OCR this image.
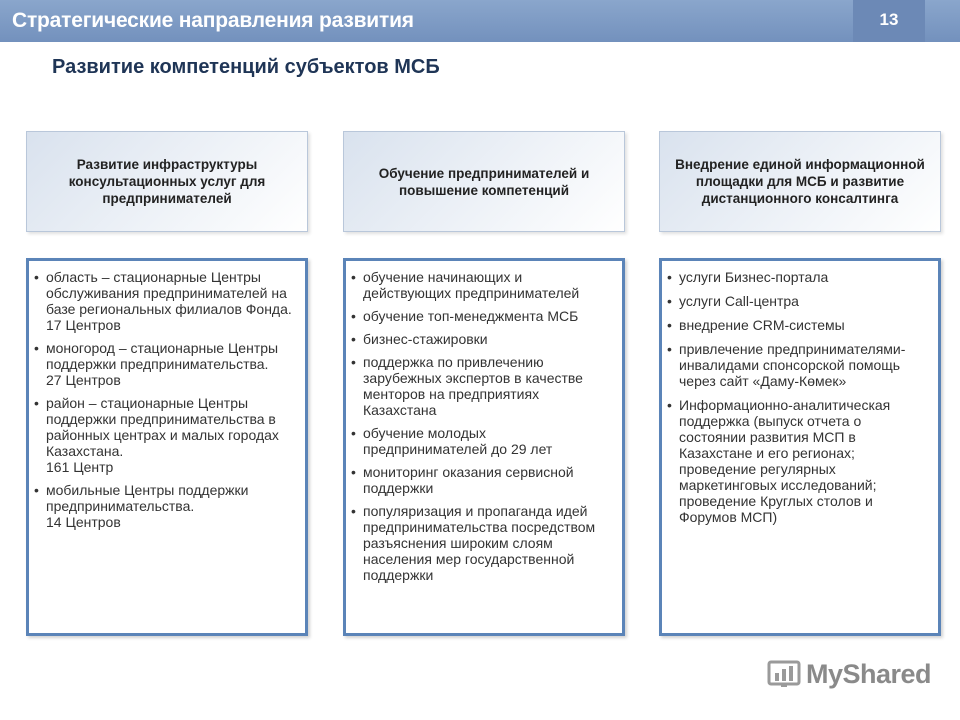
Стратегические направления развития	13
Развитие компетенций субъектов МСБ
Развитие инфраструктуры консультационных услуг для предпринимателей
• область – стационарные Центры обслуживания предпринимателей на базе региональных филиалов Фонда.
17 Центров
• моногород – стационарные Центры поддержки предпринимательства.
27 Центров
• район – стационарные Центры поддержки предпринимательства в районных центрах и малых городах Казахстана.
161 Центр
• мобильные Центры поддержки предпринимательства.
14 Центров
Обучение предпринимателей и повышение компетенций
• обучение начинающих и действующих предпринимателей
• обучение топ-менеджмента МСБ
• бизнес-стажировки
• поддержка по привлечению зарубежных экспертов в качестве менторов на предприятиях Казахстана
• обучение молодых предпринимателей до 29 лет
• мониторинг оказания сервисной поддержки
• популяризация и пропаганда идей предпринимательства посредством разъяснения широким слоям населения мер государственной поддержки
Внедрение единой информационной площадки для МСБ и развитие дистанционного консалтинга
• услуги Бизнес-портала
• услуги Call-центра
• внедрение CRM-системы
• привлечение предпринимателями-инвалидами спонсорской помощь через сайт «Даму-Көмек»
• Информационно-аналитическая поддержка (выпуск отчета о состоянии развития МСП в Казахстане и его регионах; проведение регулярных маркетинговых исследований; проведение Круглых столов и Форумов МСП)
MyShared
